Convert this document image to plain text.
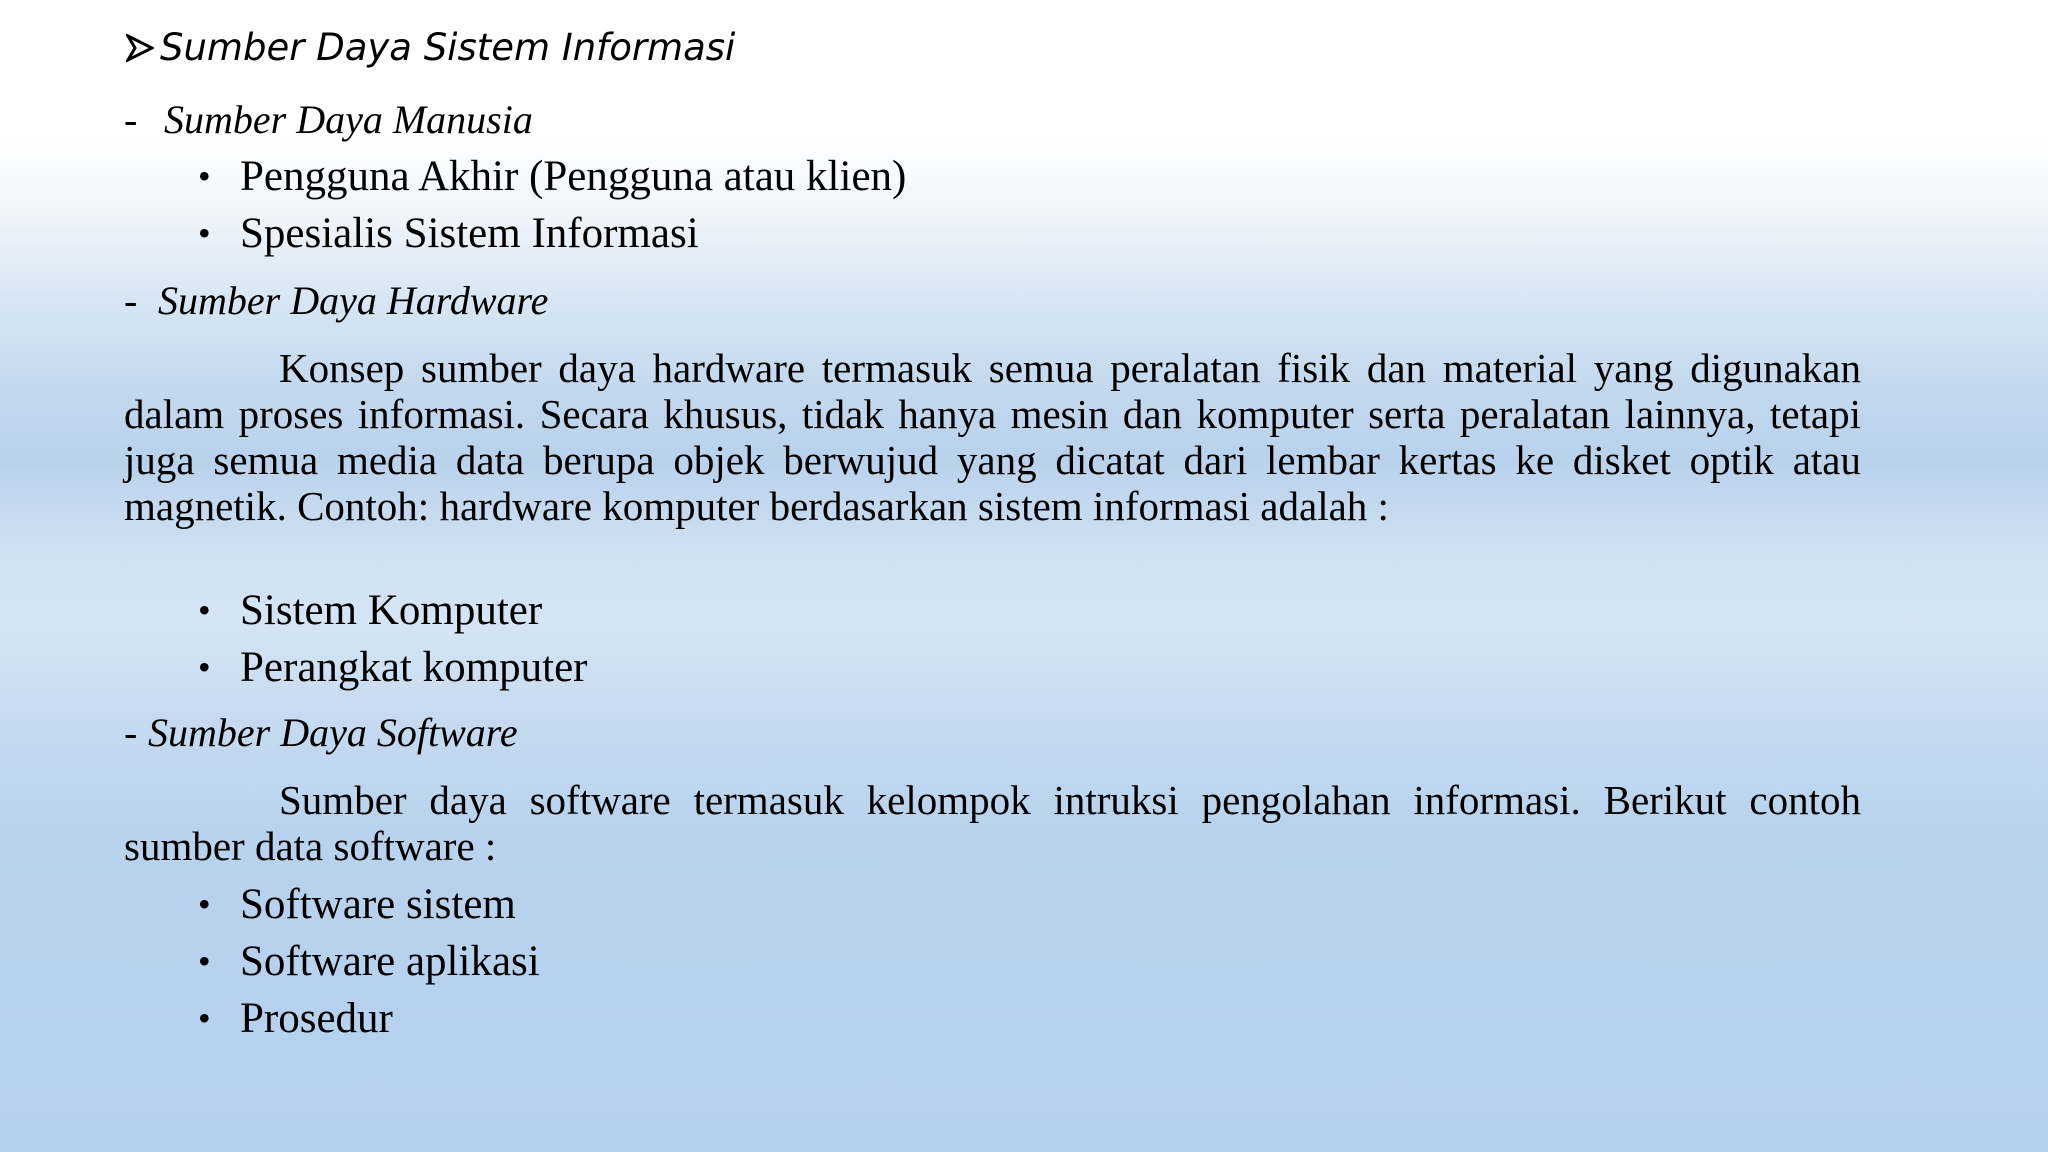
Sumber Daya Sistem Informasi
- Sumber Daya Manusia
• Pengguna Akhir (Pengguna atau klien)
• Spesialis Sistem Informasi
- Sumber Daya Hardware

Konsep sumber daya hardware termasuk semua peralatan fisik dan material yang digunakan dalam proses informasi. Secara khusus, tidak hanya mesin dan komputer serta peralatan lainnya, tetapi juga semua media data berupa objek berwujud yang dicatat dari lembar kertas ke disket optik atau magnetik. Contoh: hardware komputer berdasarkan sistem informasi adalah :

• Sistem Komputer
• Perangkat komputer
- Sumber Daya Software

Sumber daya software termasuk kelompok intruksi pengolahan informasi. Berikut contoh sumber data software :

• Software sistem
• Software aplikasi
• Prosedur
